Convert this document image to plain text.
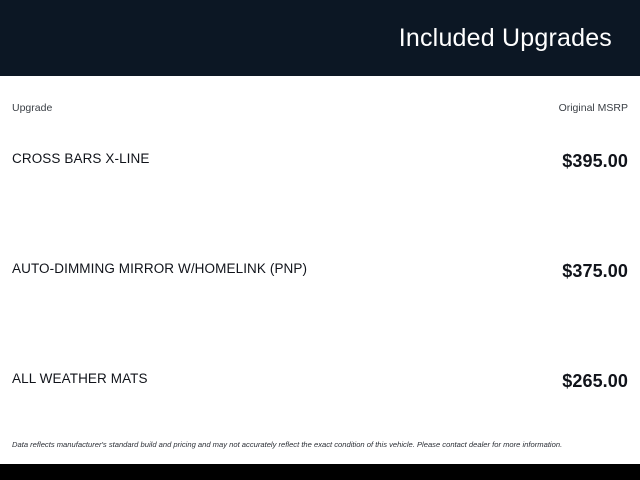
Included Upgrades
Upgrade	Original MSRP
CROSS BARS X-LINE	$395.00
AUTO-DIMMING MIRROR W/HOMELINK (PNP)	$375.00
ALL WEATHER MATS	$265.00
Data reflects manufacturer's standard build and pricing and may not accurately reflect the exact condition of this vehicle. Please contact dealer for more information.
